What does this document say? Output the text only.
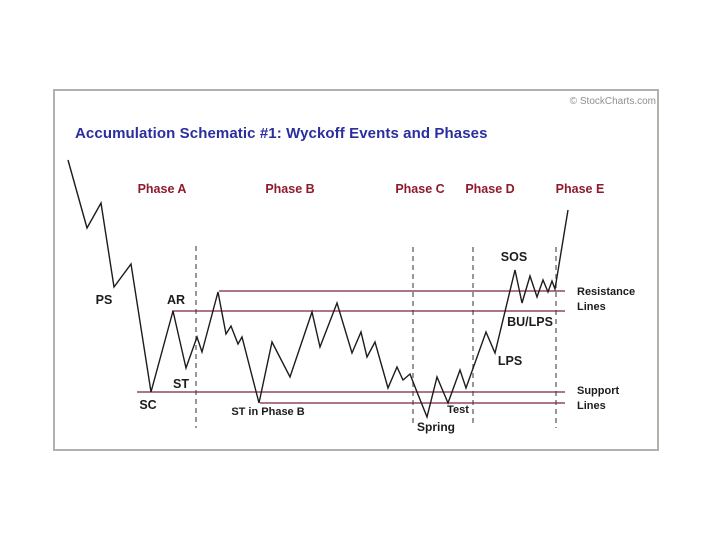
© StockCharts.com
Accumulation Schematic #1: Wyckoff Events and Phases
Phase A	Phase B	Phase C Phase D	Phase E
PS	AR
SC
ST
ST in Phase B
Spring
Test
SOS
BU/LPS
LPS
Resistance
Lines
Support
Lines
